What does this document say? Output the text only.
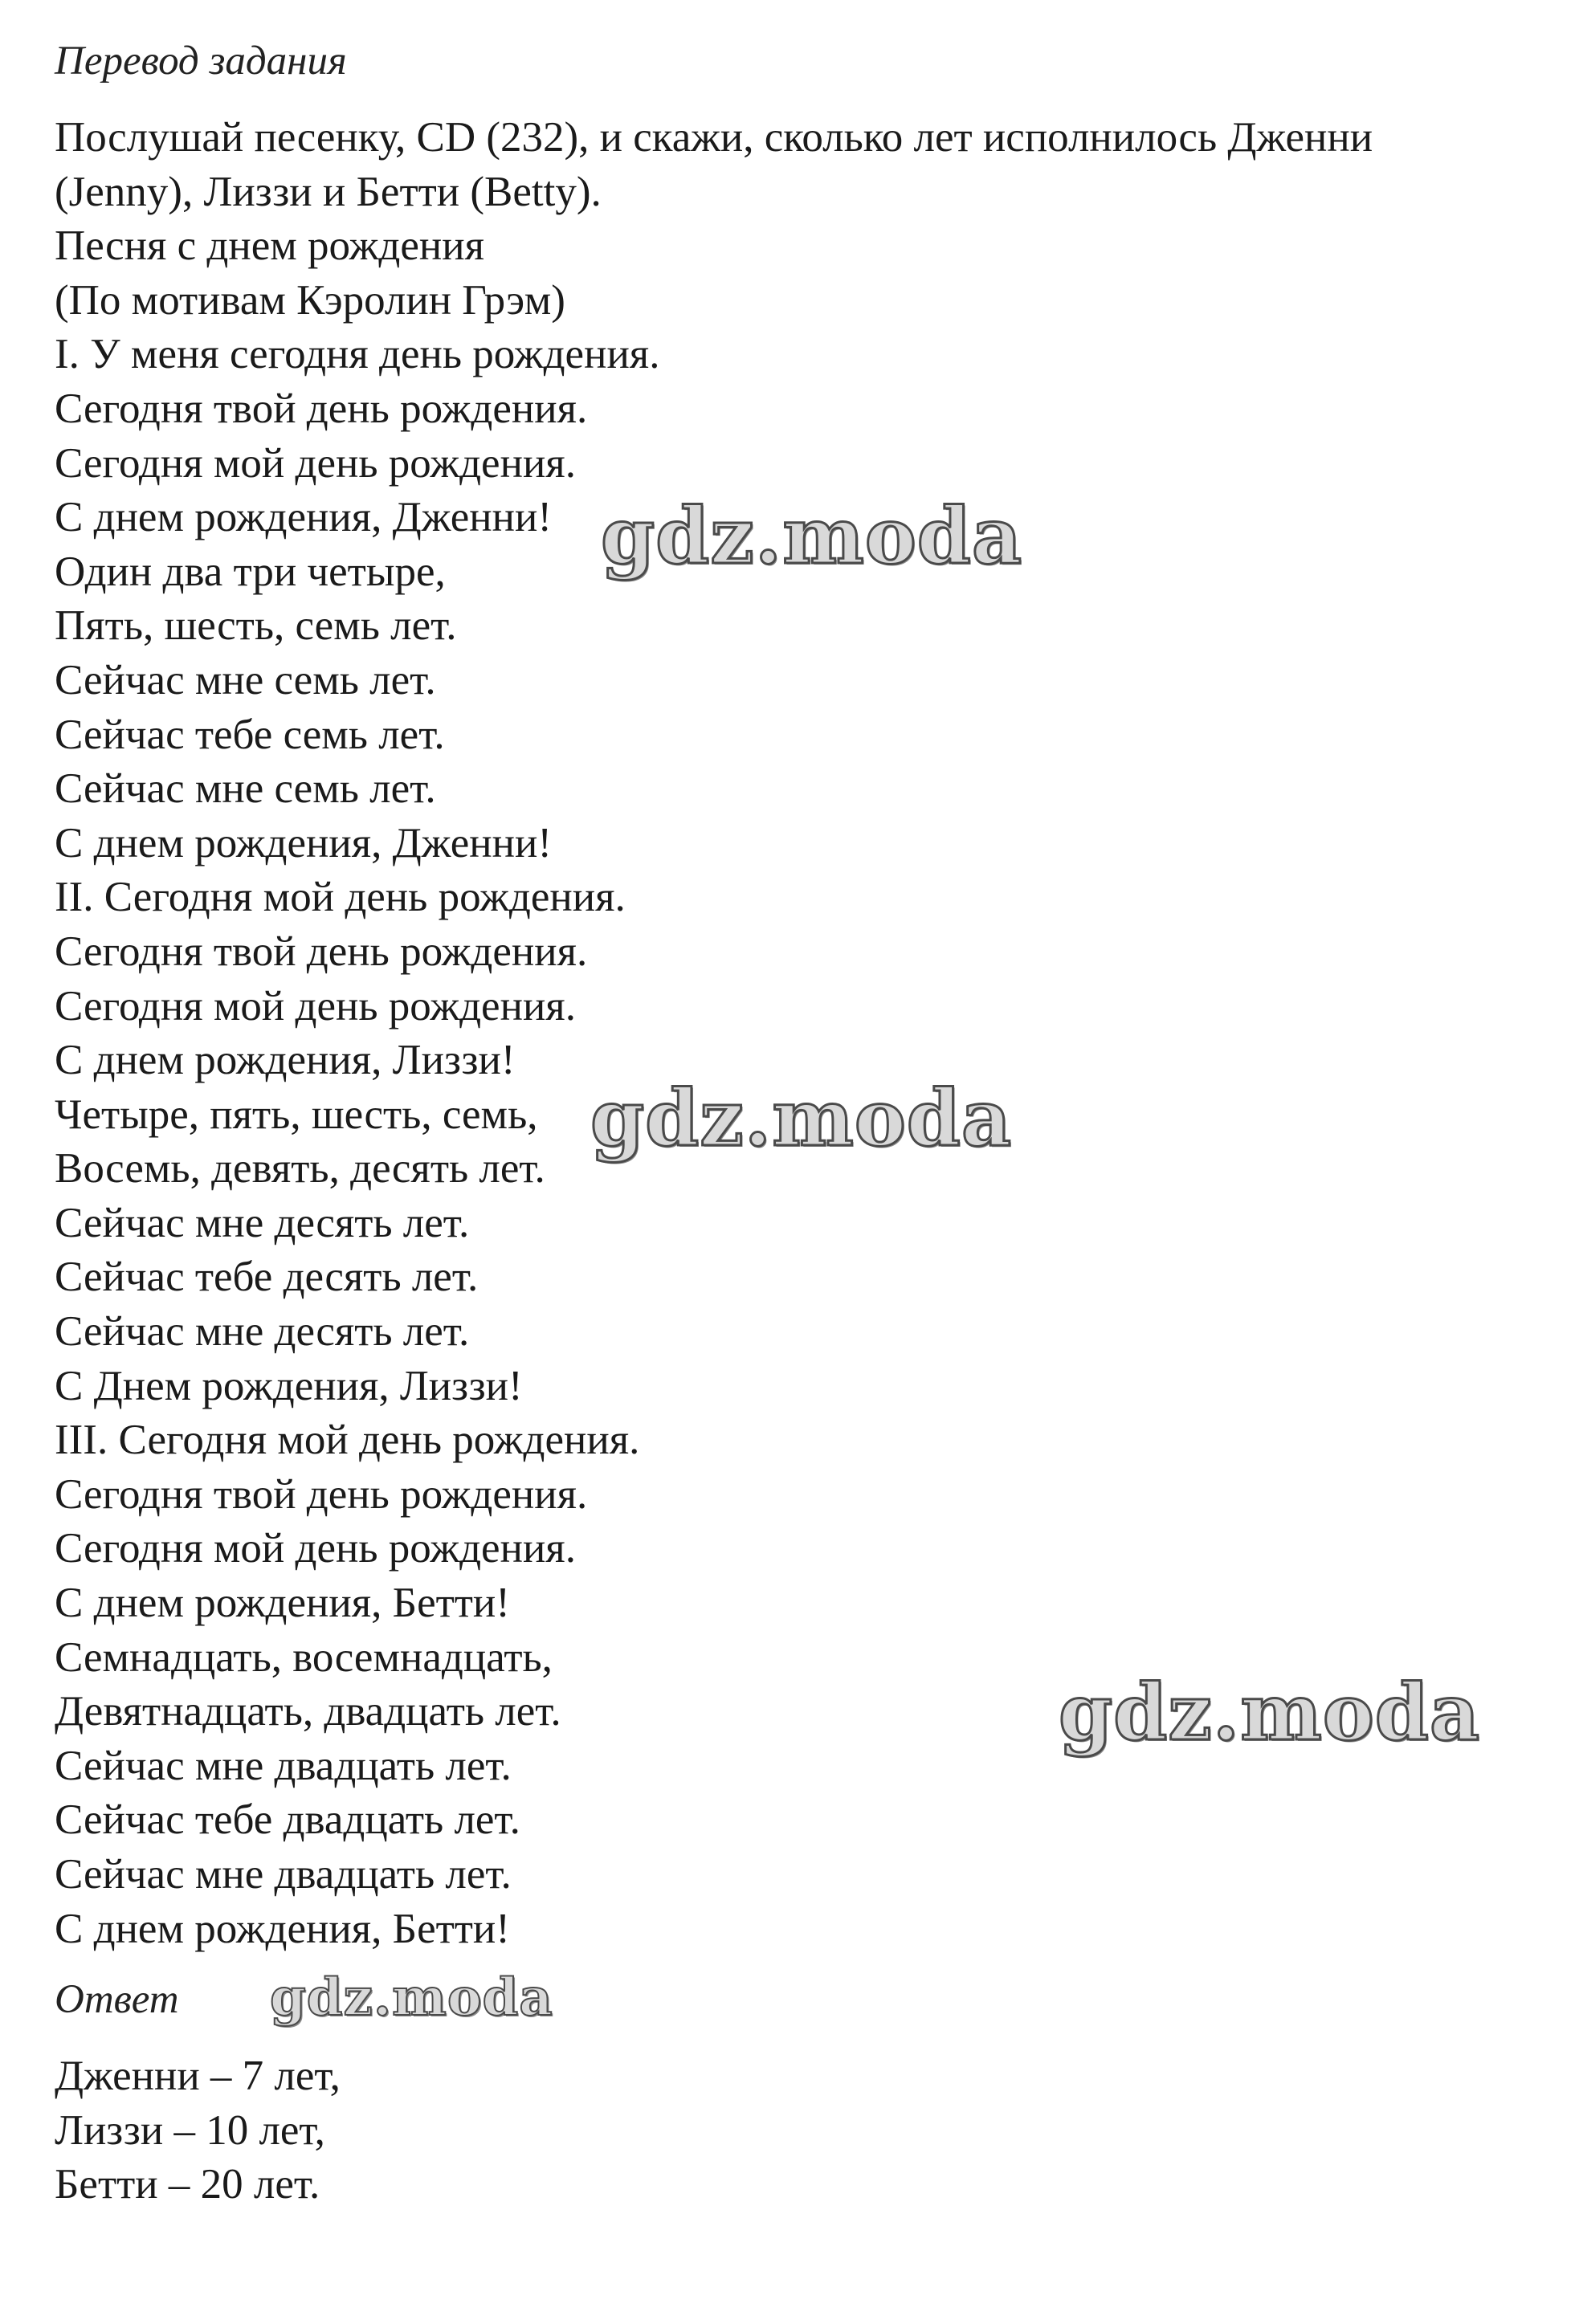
Перевод задания

Послушай песенку, CD (232), и скажи, сколько лет исполнилось Дженни
(Jenny), Лиззи и Бетти (Betty).
Песня с днем рождения
(По мотивам Кэролин Грэм)
I. У меня сегодня день рождения.
Сегодня твой день рождения.
Сегодня мой день рождения.
С днем рождения, Дженни!
Один два три четыре,
Пять, шесть, семь лет.
Сейчас мне семь лет.
Сейчас тебе семь лет.
Сейчас мне семь лет.
С днем рождения, Дженни!
II. Сегодня мой день рождения.
Сегодня твой день рождения.
Сегодня мой день рождения.
С днем рождения, Лиззи!
Четыре, пять, шесть, семь,
Восемь, девять, десять лет.
Сейчас мне десять лет.
Сейчас тебе десять лет.
Сейчас мне десять лет.
С Днем рождения, Лиззи!
III. Сегодня мой день рождения.
Сегодня твой день рождения.
Сегодня мой день рождения.
С днем рождения, Бетти!
Семнадцать, восемнадцать,
Девятнадцать, двадцать лет.
Сейчас мне двадцать лет.
Сейчас тебе двадцать лет.
Сейчас мне двадцать лет.
С днем рождения, Бетти!

Ответ

Дженни – 7 лет,
Лиззи – 10 лет,
Бетти – 20 лет.
gdz.moda
gdz.moda
gdz.moda
gdz.moda
